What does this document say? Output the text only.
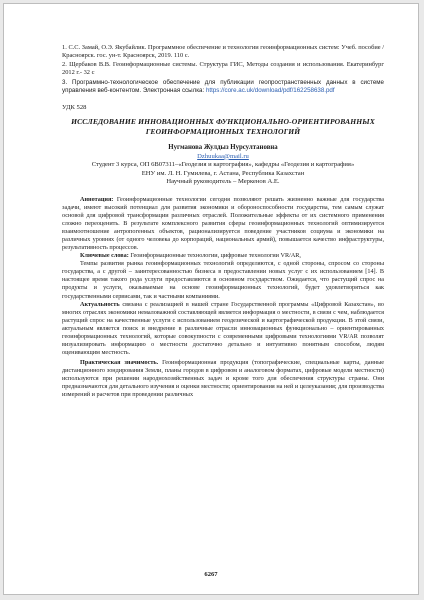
1. С.С. Замай, О.Э. Якубайлик. Программное обеспечение и технологии геоинформационных систем: Учеб. пособие / Красноярск. гос. ун-т. Красноярск, 2019. 110 с.

2. Щербаков В.В. Геоинформационные системы. Структура ГИС, Методы создания и использования. Екатеринбург 2012 г.- 32 с

3. Программно-технологическое обеспечение для публикации геопространственных данных в системе управления веб-контентом. Электронная ссылка: https://core.ac.uk/download/pdf/162258638.pdf

УДК 528

ИССЛЕДОВАНИЕ ИННОВАЦИОННЫХ ФУНКЦИОНАЛЬНО-ОРИЕНТИРОВАННЫХ ГЕОИНФОРМАЦИОННЫХ ТЕХНОЛОГИЙ

Нугманова Жулдыз Нурсултановна

Dzhuukaa@mail.ru

Студент 3 курса, ОП 6В07311–«Геодезия и картография», кафедры «Геодезия и картография»

ЕНУ им. Л. Н. Гумилева, г. Астана, Республика Казахстан

Научный руководитель – Меркенов А.Е.

Аннотация: Геоинформационные технологии сегодня позволяют решать жизненно важные для государства задачи, имеют высокий потенциал для развития экономики и обороноспособности государства, тем самым служат основой для цифровой трансформации различных отраслей. Положительные эффекты от их системного применения сложно переоценить. В результате комплексного развития сферы геоинформационных технологий оптимизируется взаимоотношение антропогенных объектов, рационализируется поведение участников социума и экономики на различных уровнях (от одного человека до корпораций, национальных армий), повышается качество инфраструктуры, результативность процессов.

Ключевые слова: Геоинформационные технологии, цифровые технологии VR/AR,

Темпы развития рынка геоинформационных технологий определяются, с одной стороны, спросом со стороны государства, а с другой – заинтересованностью бизнеса в предоставлении новых услуг с их использованием [14]. В настоящее время такого рода услуги предоставляются в основном государством. Ожидается, что растущий спрос на продукты и услуги, оказываемые на основе геоинформационных технологий, будет удовлетворяться как государственными сервисами, так и частными компаниями.

Актуальность связана с реализацией в нашей стране Государственной программы «Цифровой Казахстан», во многих отраслях экономики немаловажной составляющей является информация о местности, в связи с чем, наблюдается растущий спрос на качественные услуги с использованием геодезической и картографической продукции. В этой связи, актуальным является поиск и внедрение в различные отрасли инновационных функционально – ориентированных геоинформационных технологий, которые совокупности с современными цифровыми технологиями VR/AR позволят визуализировать информацию о местности достаточно детально и интуитивно понятным способом, людям оценивающим местность.

Практическая значимость. Геоинформационная продукция (топографические, специальные карты, данные дистанционного зондирования Земли, планы городов в цифровом и аналоговом форматах, цифровые модели местности) используются при решении народнохозяйственных задач и кроме того для обеспечения структуры страны. Они предназначаются для детального изучения и оценки местности; ориентирования на ней и целеуказания; для производства измерений и расчетов при проведении различных

6267
